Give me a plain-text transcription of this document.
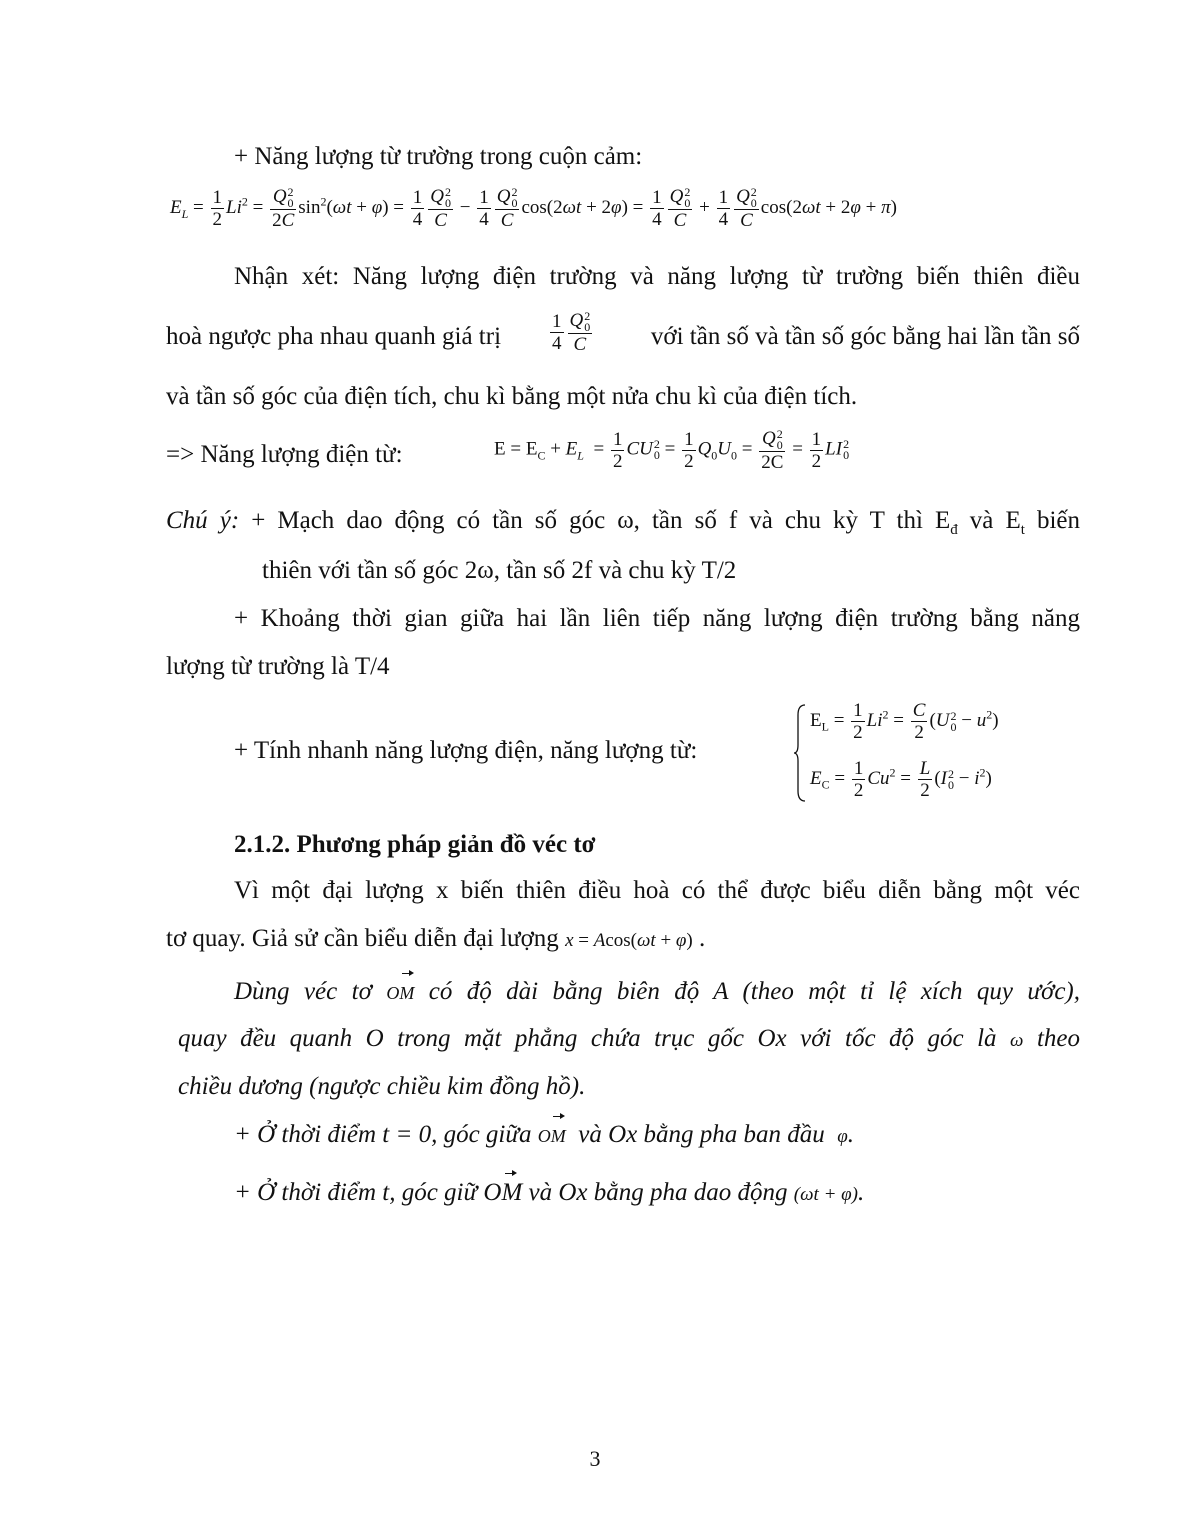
+ Năng lượng từ trường trong cuộn cảm:

$E_L = \frac{1}{2} Li^2 = Q$ 2
0
2C $\sin^2(\omega t + \varphi) = \frac{1}{4}$ Q 2
0
$C - \frac{1}{4}$ Q 2
0
C $\cos(2\omega t + 2\varphi) = \frac{1}{4}$ Q 2
0
$C + \frac{1}{4}$ Q 2
0
C cos(2ωt + 2φ + π)

Nhận xét: Năng lượng điện trường và năng lượng từ trường biến thiên điều

hoà ngược pha nhau quanh giá trị	$\frac{1}{4}$ Q 2
0
C với tần số và tần số góc bằng hai lần tần số

và tần số góc của điện tích, chu kì bằng một nửa chu kì của điện tích.

=> Năng lượng điện từ:	$E = E_C + E_L = \frac{1}{2}$ CU 2
$0 = \frac{1}{2} Q_0U_0 = Q$ 2
0
$2C = \frac{1}{2}$ LI 2
0

Chú ý: + Mạch dao động có tần số góc ω, tần số f và chu kỳ T thì $E_đ$ và $E_t$ biến

thiên với tần số góc 2ω, tần số 2f và chu kỳ T/2

+ Khoảng thời gian giữa hai lần liên tiếp năng lượng điện trường bằng năng

lượng từ trường là T/4

+ Tính nhanh năng lượng điện, năng lượng từ:

$E_L = \frac{1}{2} Li^2 = \frac{C}{2} (U$ 2
$0 - u^2$)
$E_C = \frac{1}{2} Cu^2 = \frac{L}{2} (I$ 2
$0 - i^2$)

2.1.2. Phương pháp giản đồ véc tơ

Vì một đại lượng x biến thiên điều hoà có thể được biểu diễn bằng một véc

tơ quay. Giả sử cần biểu diễn đại lượng x = Acos(ωt + φ) .

Dùng véc tơ OM có độ dài bằng biên độ A (theo một tỉ lệ xích quy ước),

quay đều quanh O trong mặt phẳng chứa trục gốc Ox với tốc độ góc là ω theo

chiều dương (ngược chiều kim đồng hồ).

+ Ở thời điểm t = 0, góc giữa OM và Ox bằng pha ban đầu φ.

+ Ở thời điểm t, góc giữ OM và Ox bằng pha dao động (ωt + φ).

3
